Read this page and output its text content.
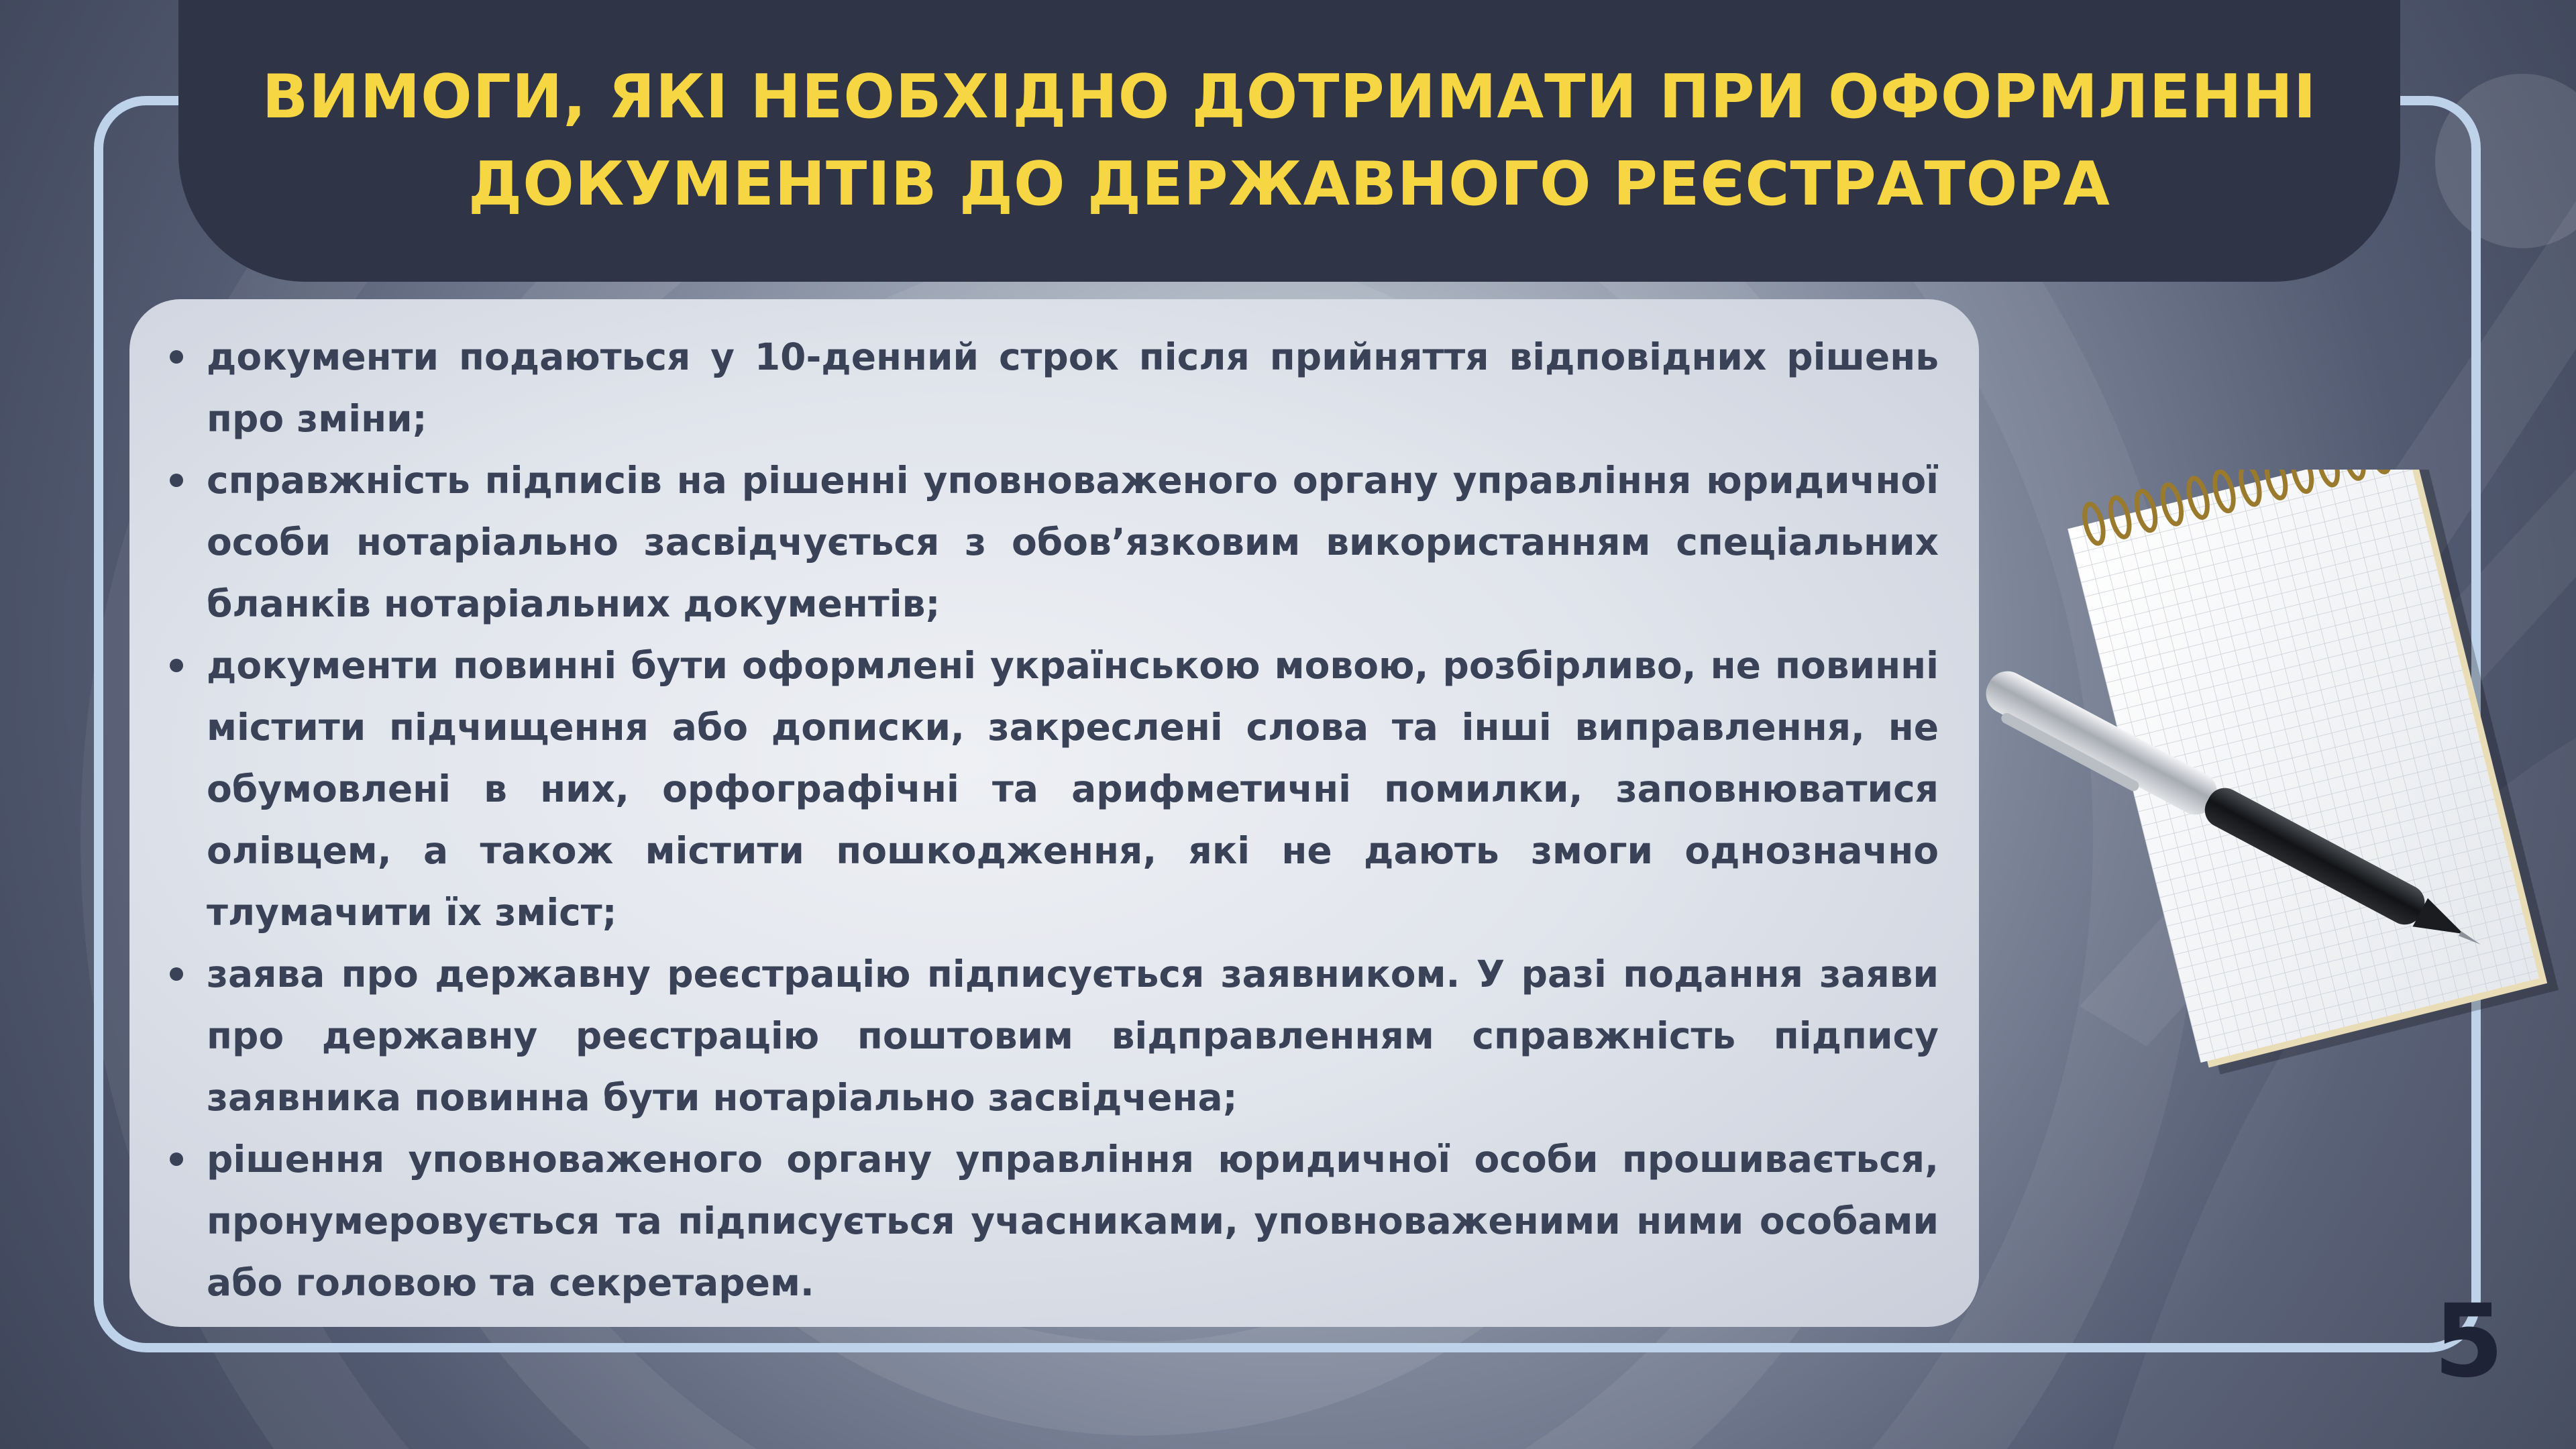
ВИМОГИ, ЯКІ НЕОБХІДНО ДОТРИМАТИ ПРИ ОФОРМЛЕННІ ДОКУМЕНТІВ ДО ДЕРЖАВНОГО РЕЄСТРАТОРА
документи подаються у 10-денний строк після прийняття відповідних рішень про зміни;
справжність підписів на рішенні уповноваженого органу управління юридичної особи нотаріально засвідчується з обов’язковим використанням спеціальних бланків нотаріальних документів;
документи повинні бути оформлені українською мовою, розбірливо, не повинні містити підчищення або дописки, закреслені слова та інші виправлення, не обумовлені в них, орфографічні та арифметичні помилки, заповнюватися олівцем, а також містити пошкодження, які не дають змоги однозначно тлумачити їх зміст;
заява про державну реєстрацію підписується заявником. У разі подання заяви про державну реєстрацію поштовим відправленням справжність підпису заявника повинна бути нотаріально засвідчена;
рішення уповноваженого органу управління юридичної особи прошивається, пронумеровується та підписується учасниками, уповноваженими ними особами або головою та секретарем.
5
